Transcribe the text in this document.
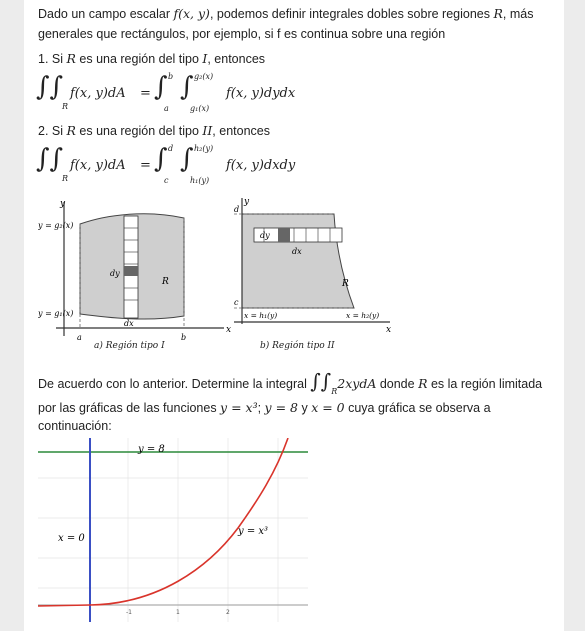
Dado un campo escalar f(x, y), podemos definir integrales dobles sobre regiones R, más
generales que rectángulos, por ejemplo, si f es continua sobre una región
1. Si R es una región del tipo I, entonces
∫∫
R
f(x, y)dA = ∫ b
a
∫ g₂(x)
g₁(x)
f(x, y)dydx
2. Si R es una región del tipo II, entonces
∫∫
R
f(x, y)dA = ∫ d
c
∫ h₂(y)
h₁(y)
f(x, y)dxdy
y
x
y = g₂(x)
y = g₁(x)
dy
dx
R
a	b
a) Región tipo I
y
x
d
c
dy
dx
R
x = h₁(y)	x = h₂(y)
b) Región tipo II
De acuerdo con lo anterior. Determine la integral $\int\int_R2xydA$ donde R es la región limitada
por las gráficas de las funciones y = x³; y = 8 y x = 0 cuya gráfica se observa a
continuación:
-1	1	2
y = 8
x = 0
y = x³
